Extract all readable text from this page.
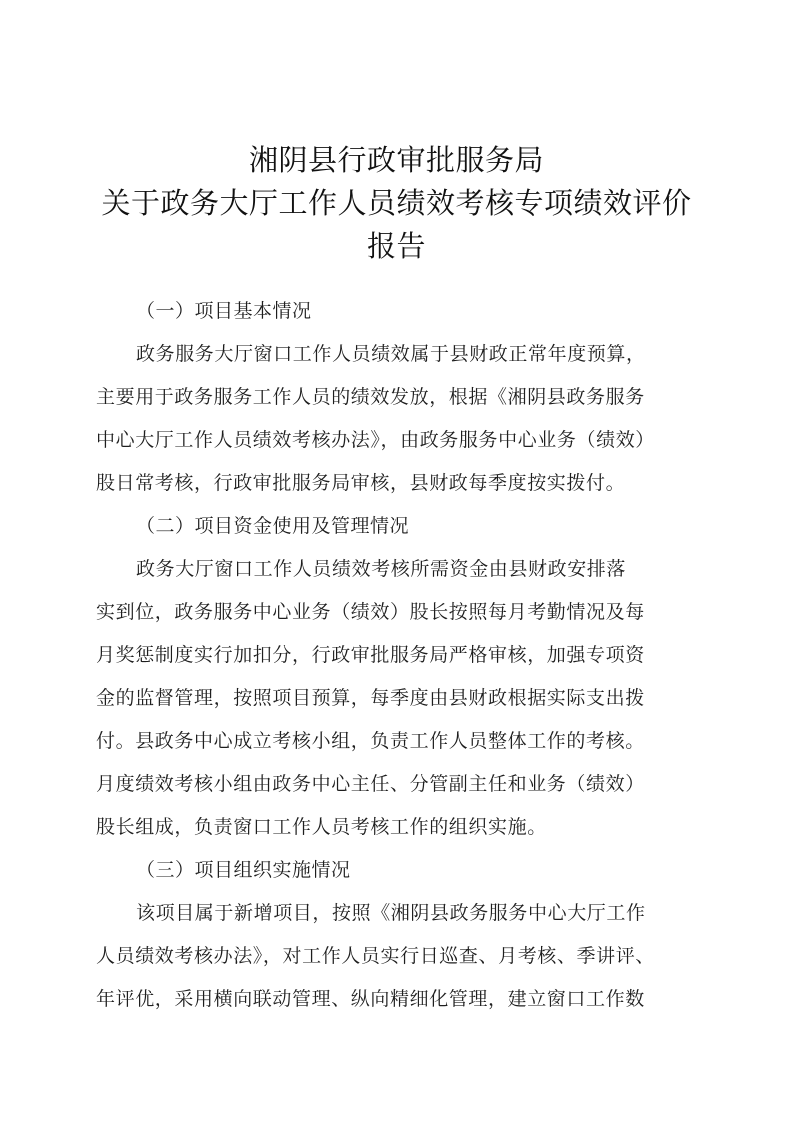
湘阴县行政审批服务局
关于政务大厅工作人员绩效考核专项绩效评价
报告
（一）项目基本情况
政务服务大厅窗口工作人员绩效属于县财政正常年度预算，
主要用于政务服务工作人员的绩效发放，根据《湘阴县政务服务
中心大厅工作人员绩效考核办法》，由政务服务中心业务（绩效）
股日常考核，行政审批服务局审核，县财政每季度按实拨付。
（二）项目资金使用及管理情况
政务大厅窗口工作人员绩效考核所需资金由县财政安排落
实到位，政务服务中心业务（绩效）股长按照每月考勤情况及每
月奖惩制度实行加扣分，行政审批服务局严格审核，加强专项资
金的监督管理，按照项目预算，每季度由县财政根据实际支出拨
付。县政务中心成立考核小组，负责工作人员整体工作的考核。
月度绩效考核小组由政务中心主任、分管副主任和业务（绩效）
股长组成，负责窗口工作人员考核工作的组织实施。
（三）项目组织实施情况
该项目属于新增项目，按照《湘阴县政务服务中心大厅工作
人员绩效考核办法》，对工作人员实行日巡查、月考核、季讲评、
年评优，采用横向联动管理、纵向精细化管理，建立窗口工作数
